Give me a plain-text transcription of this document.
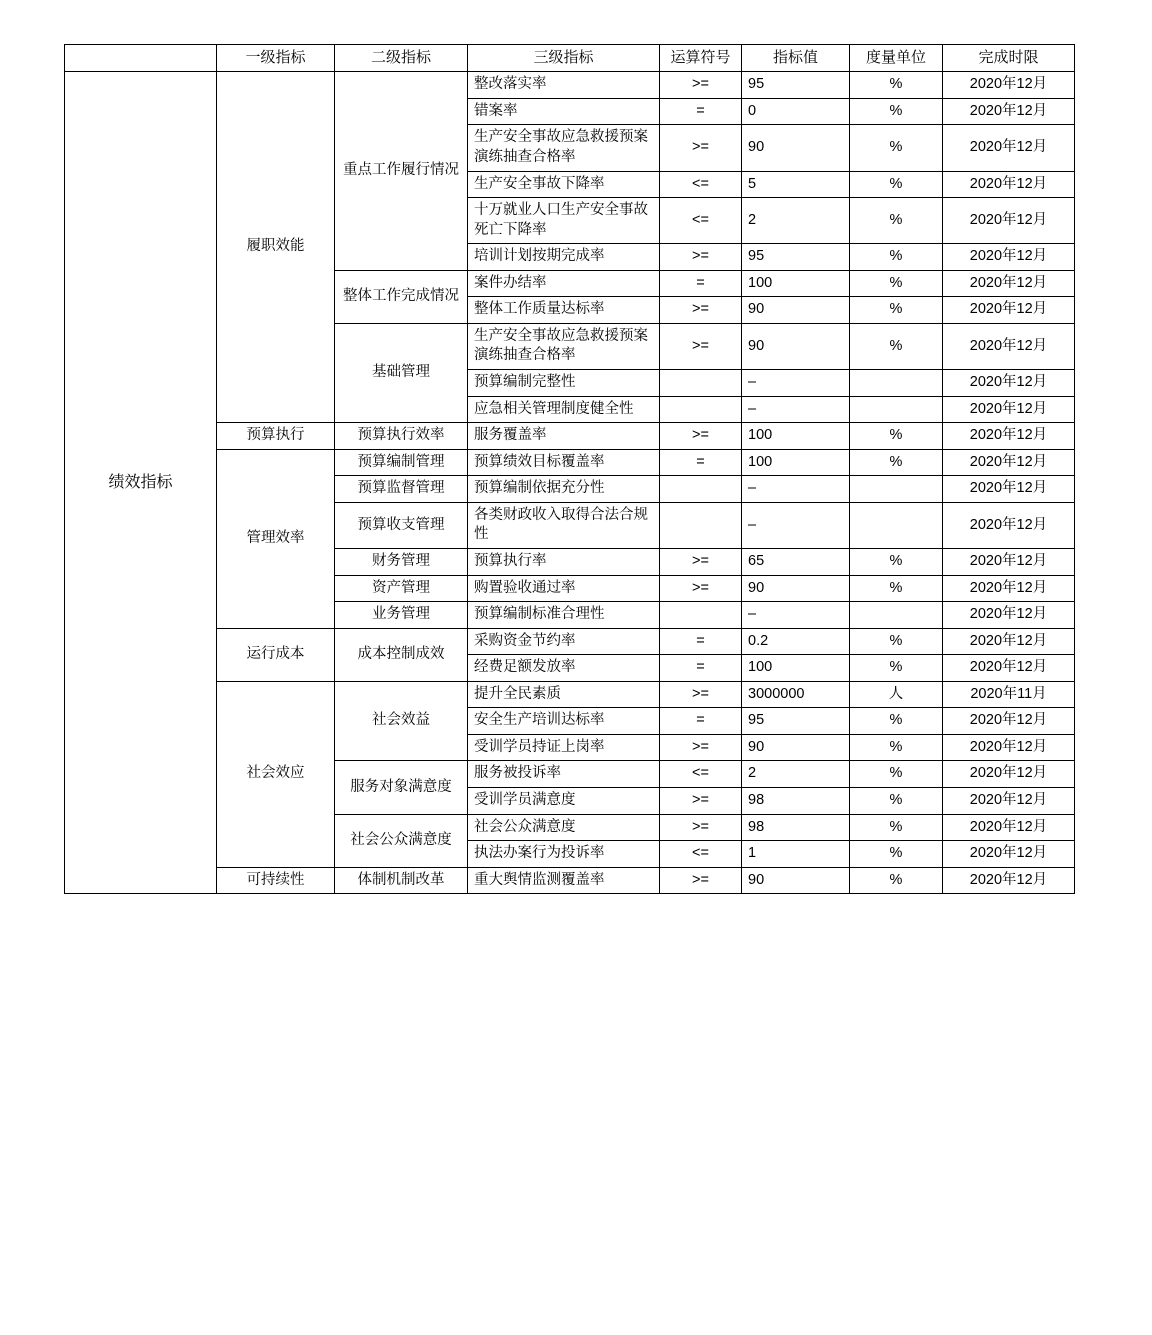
	一级指标	二级指标	三级指标	运算符号	指标值	度量单位	完成时限
绩效指标	履职效能	重点工作履行情况	整改落实率	>=	95	%	2020年12月
			错案率	=	0	%	2020年12月
			生产安全事故应急救援预案演练抽查合格率	>=	90	%	2020年12月
			生产安全事故下降率	<=	5	%	2020年12月
			十万就业人口生产安全事故死亡下降率	<=	2	%	2020年12月
			培训计划按期完成率	>=	95	%	2020年12月
		整体工作完成情况	案件办结率	=	100	%	2020年12月
			整体工作质量达标率	>=	90	%	2020年12月
		基础管理	生产安全事故应急救援预案演练抽查合格率	>=	90	%	2020年12月
			预算编制完整性		–		2020年12月
			应急相关管理制度健全性		–		2020年12月
	预算执行	预算执行效率	服务覆盖率	>=	100	%	2020年12月
	管理效率	预算编制管理	预算绩效目标覆盖率	=	100	%	2020年12月
		预算监督管理	预算编制依据充分性		–		2020年12月
		预算收支管理	各类财政收入取得合法合规性		–		2020年12月
		财务管理	预算执行率	>=	65	%	2020年12月
		资产管理	购置验收通过率	>=	90	%	2020年12月
		业务管理	预算编制标准合理性		–		2020年12月
	运行成本	成本控制成效	采购资金节约率	=	0.2	%	2020年12月
			经费足额发放率	=	100	%	2020年12月
	社会效应	社会效益	提升全民素质	>=	3000000	人	2020年11月
			安全生产培训达标率	=	95	%	2020年12月
			受训学员持证上岗率	>=	90	%	2020年12月
		服务对象满意度	服务被投诉率	<=	2	%	2020年12月
			受训学员满意度	>=	98	%	2020年12月
		社会公众满意度	社会公众满意度	>=	98	%	2020年12月
			执法办案行为投诉率	<=	1	%	2020年12月
	可持续性	体制机制改革	重大舆情监测覆盖率	>=	90	%	2020年12月
